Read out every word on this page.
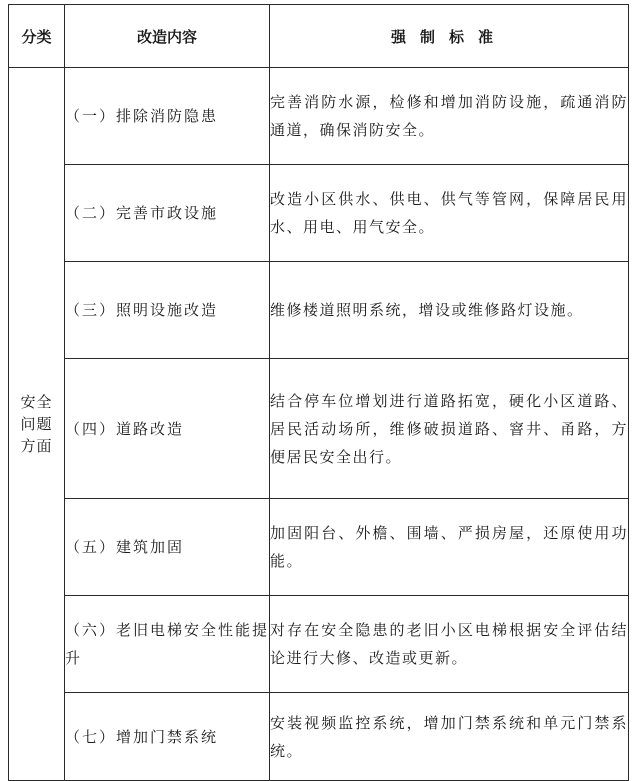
分类	改造内容	强制标准

安全问题方面	（一）排除消防隐患	完善消防水源，检修和增加消防设施，疏通消防通道，确保消防安全。
	（二）完善市政设施	改造小区供水、供电、供气等管网，保障居民用水、用电、用气安全。
	（三）照明设施改造	维修楼道照明系统，增设或维修路灯设施。
	（四）道路改造	结合停车位增划进行道路拓宽，硬化小区道路、居民活动场所，维修破损道路、窨井、甬路，方便居民安全出行。
	（五）建筑加固	加固阳台、外檐、围墙、严损房屋，还原使用功能。
	（六）老旧电梯安全性能提升	对存在安全隐患的老旧小区电梯根据安全评估结论进行大修、改造或更新。
	（七）增加门禁系统	安装视频监控系统，增加门禁系统和单元门禁系统。
